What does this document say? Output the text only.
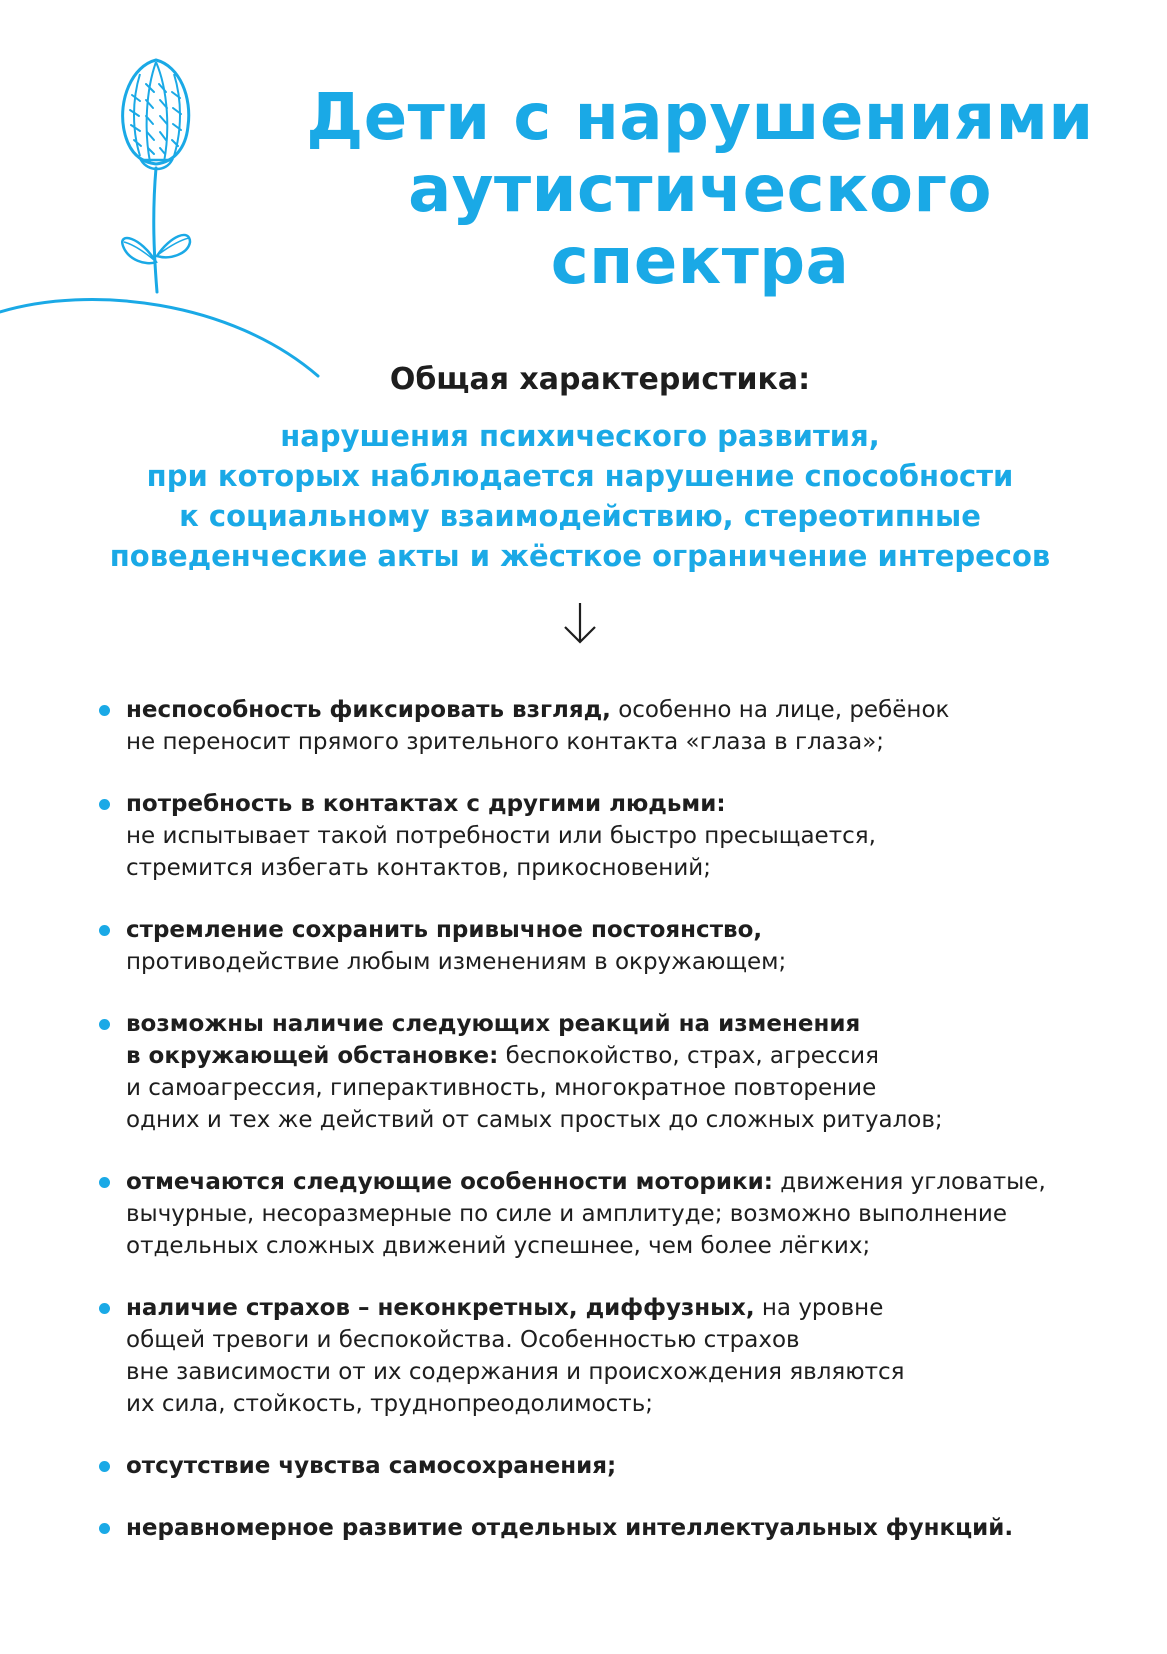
Дети с нарушениями
аутистического
спектра
Общая характеристика:
нарушения психического развития,
при которых наблюдается нарушение способности
к социальному взаимодействию, стереотипные
поведенческие акты и жёсткое ограничение интересов
неспособность фиксировать взгляд, особенно на лице, ребёнок
не переносит прямого зрительного контакта «глаза в глаза»;
потребность в контактах с другими людьми:
не испытывает такой потребности или быстро пресыщается,
стремится избегать контактов, прикосновений;
стремление сохранить привычное постоянство,
противодействие любым изменениям в окружающем;
возможны наличие следующих реакций на изменения
в окружающей обстановке: беспокойство, страх, агрессия
и самоагрессия, гиперактивность, многократное повторение
одних и тех же действий от самых простых до сложных ритуалов;
отмечаются следующие особенности моторики: движения угловатые,
вычурные, несоразмерные по силе и амплитуде; возможно выполнение
отдельных сложных движений успешнее, чем более лёгких;
наличие страхов – неконкретных, диффузных, на уровне
общей тревоги и беспокойства. Особенностью страхов
вне зависимости от их содержания и происхождения являются
их сила, стойкость, труднопреодолимость;
отсутствие чувства самосохранения;
неравномерное развитие отдельных интеллектуальных функций.
